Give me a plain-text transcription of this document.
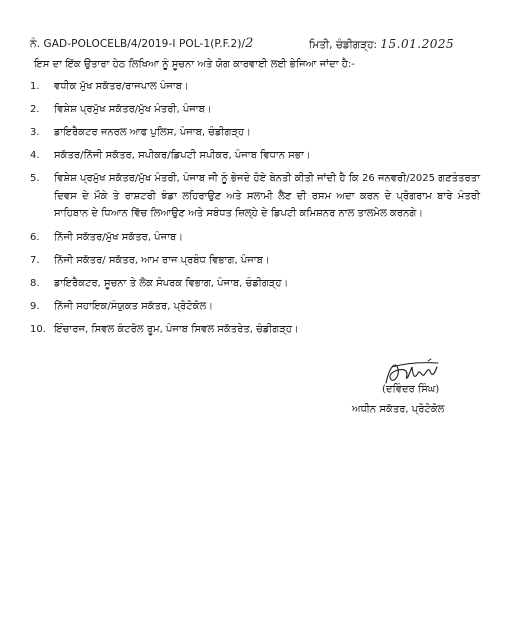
ਨੰ. GAD-POLOCELB/4/2019-I POL-1(P.F.2)/2	ਮਿਤੀ, ਚੰਡੀਗੜ੍ਹ: 15.01.2025
ਇਸ ਦਾ ਇੱਕ ਉਤਾਰਾ ਹੇਠ ਲਿਖਿਆ ਨੂੰ ਸੂਚਨਾ ਅਤੇ ਯੋਗ ਕਾਰਵਾਈ ਲਈ ਭੇਜਿਆ ਜਾਂਦਾ ਹੈ:-
1.	ਵਧੀਕ ਮੁੱਖ ਸਕੱਤਰ/ਰਾਜਪਾਲ ਪੰਜਾਬ।
2.	ਵਿਸ਼ੇਸ਼ ਪ੍ਰਮੁੱਖ ਸਕੱਤਰ/ਮੁੱਖ ਮੰਤਰੀ, ਪੰਜਾਬ।
3.	ਡਾਇਰੈਕਟਰ ਜਨਰਲ ਆਫ ਪੁਲਿਸ, ਪੰਜਾਬ, ਚੰਡੀਗੜ੍ਹ।
4.	ਸਕੱਤਰ/ਨਿੱਜੀ ਸਕੱਤਰ, ਸਪੀਕਰ/ਡਿਪਟੀ ਸਪੀਕਰ, ਪੰਜਾਬ ਵਿਧਾਨ ਸਭਾ।
5.	ਵਿਸ਼ੇਸ਼ ਪ੍ਰਮੁੱਖ ਸਕੱਤਰ/ਮੁੱਖ ਮੰਤਰੀ, ਪੰਜਾਬ ਜੀ ਨੂੰ ਭੇਜਦੇ ਹੋਏ ਬੇਨਤੀ ਕੀਤੀ ਜਾਂਦੀ ਹੈ ਕਿ 26 ਜਨਵਰੀ/2025 ਗਣਤੰਤਰਤਾ ਦਿਵਸ ਦੇ ਮੌਕੇ ਤੇ ਰਾਸ਼ਟਰੀ ਝੰਡਾ ਲਹਿਰਾਉਣ ਅਤੇ ਸਲਾਮੀ ਲੈਣ ਦੀ ਰਸਮ ਅਦਾ ਕਰਨ ਦੇ ਪ੍ਰੋਗਰਾਮ ਬਾਰੇ ਮੰਤਰੀ ਸਾਹਿਬਾਨ ਦੇ ਧਿਆਨ ਵਿੱਚ ਲਿਆਉਣ ਅਤੇ ਸਬੰਧਤ ਜ਼ਿਲ੍ਹੇ ਦੇ ਡਿਪਟੀ ਕਮਿਸ਼ਨਰ ਨਾਲ ਤਾਲਮੇਲ ਕਰਨਗੇ।
6.	ਨਿੱਜੀ ਸਕੱਤਰ/ਮੁੱਖ ਸਕੱਤਰ, ਪੰਜਾਬ।
7.	ਨਿੱਜੀ ਸਕੱਤਰ/ ਸਕੱਤਰ, ਆਮ ਰਾਜ ਪ੍ਰਬੰਧ ਵਿਭਾਗ, ਪੰਜਾਬ।
8.	ਡਾਇਰੈਕਟਰ, ਸੂਚਨਾ ਤੇ ਲੋਕ ਸੰਪਰਕ ਵਿਭਾਗ, ਪੰਜਾਬ, ਚੰਡੀਗੜ੍ਹ।
9.	ਨਿੱਜੀ ਸਹਾਇਕ/ਸੰਯੁਕਤ ਸਕੱਤਰ, ਪ੍ਰੋਟੋਕੋਲ।
10. ਇੰਚਾਰਜ, ਸਿਵਲ ਕੰਟਰੋਲ ਰੂਮ, ਪੰਜਾਬ ਸਿਵਲ ਸਕੱਤਰੇਤ, ਚੰਡੀਗੜ੍ਹ।
(ਦਵਿੰਦਰ ਸਿੰਘ)
ਅਧੀਨ ਸਕੱਤਰ, ਪ੍ਰੋਟੋਕੋਲ
